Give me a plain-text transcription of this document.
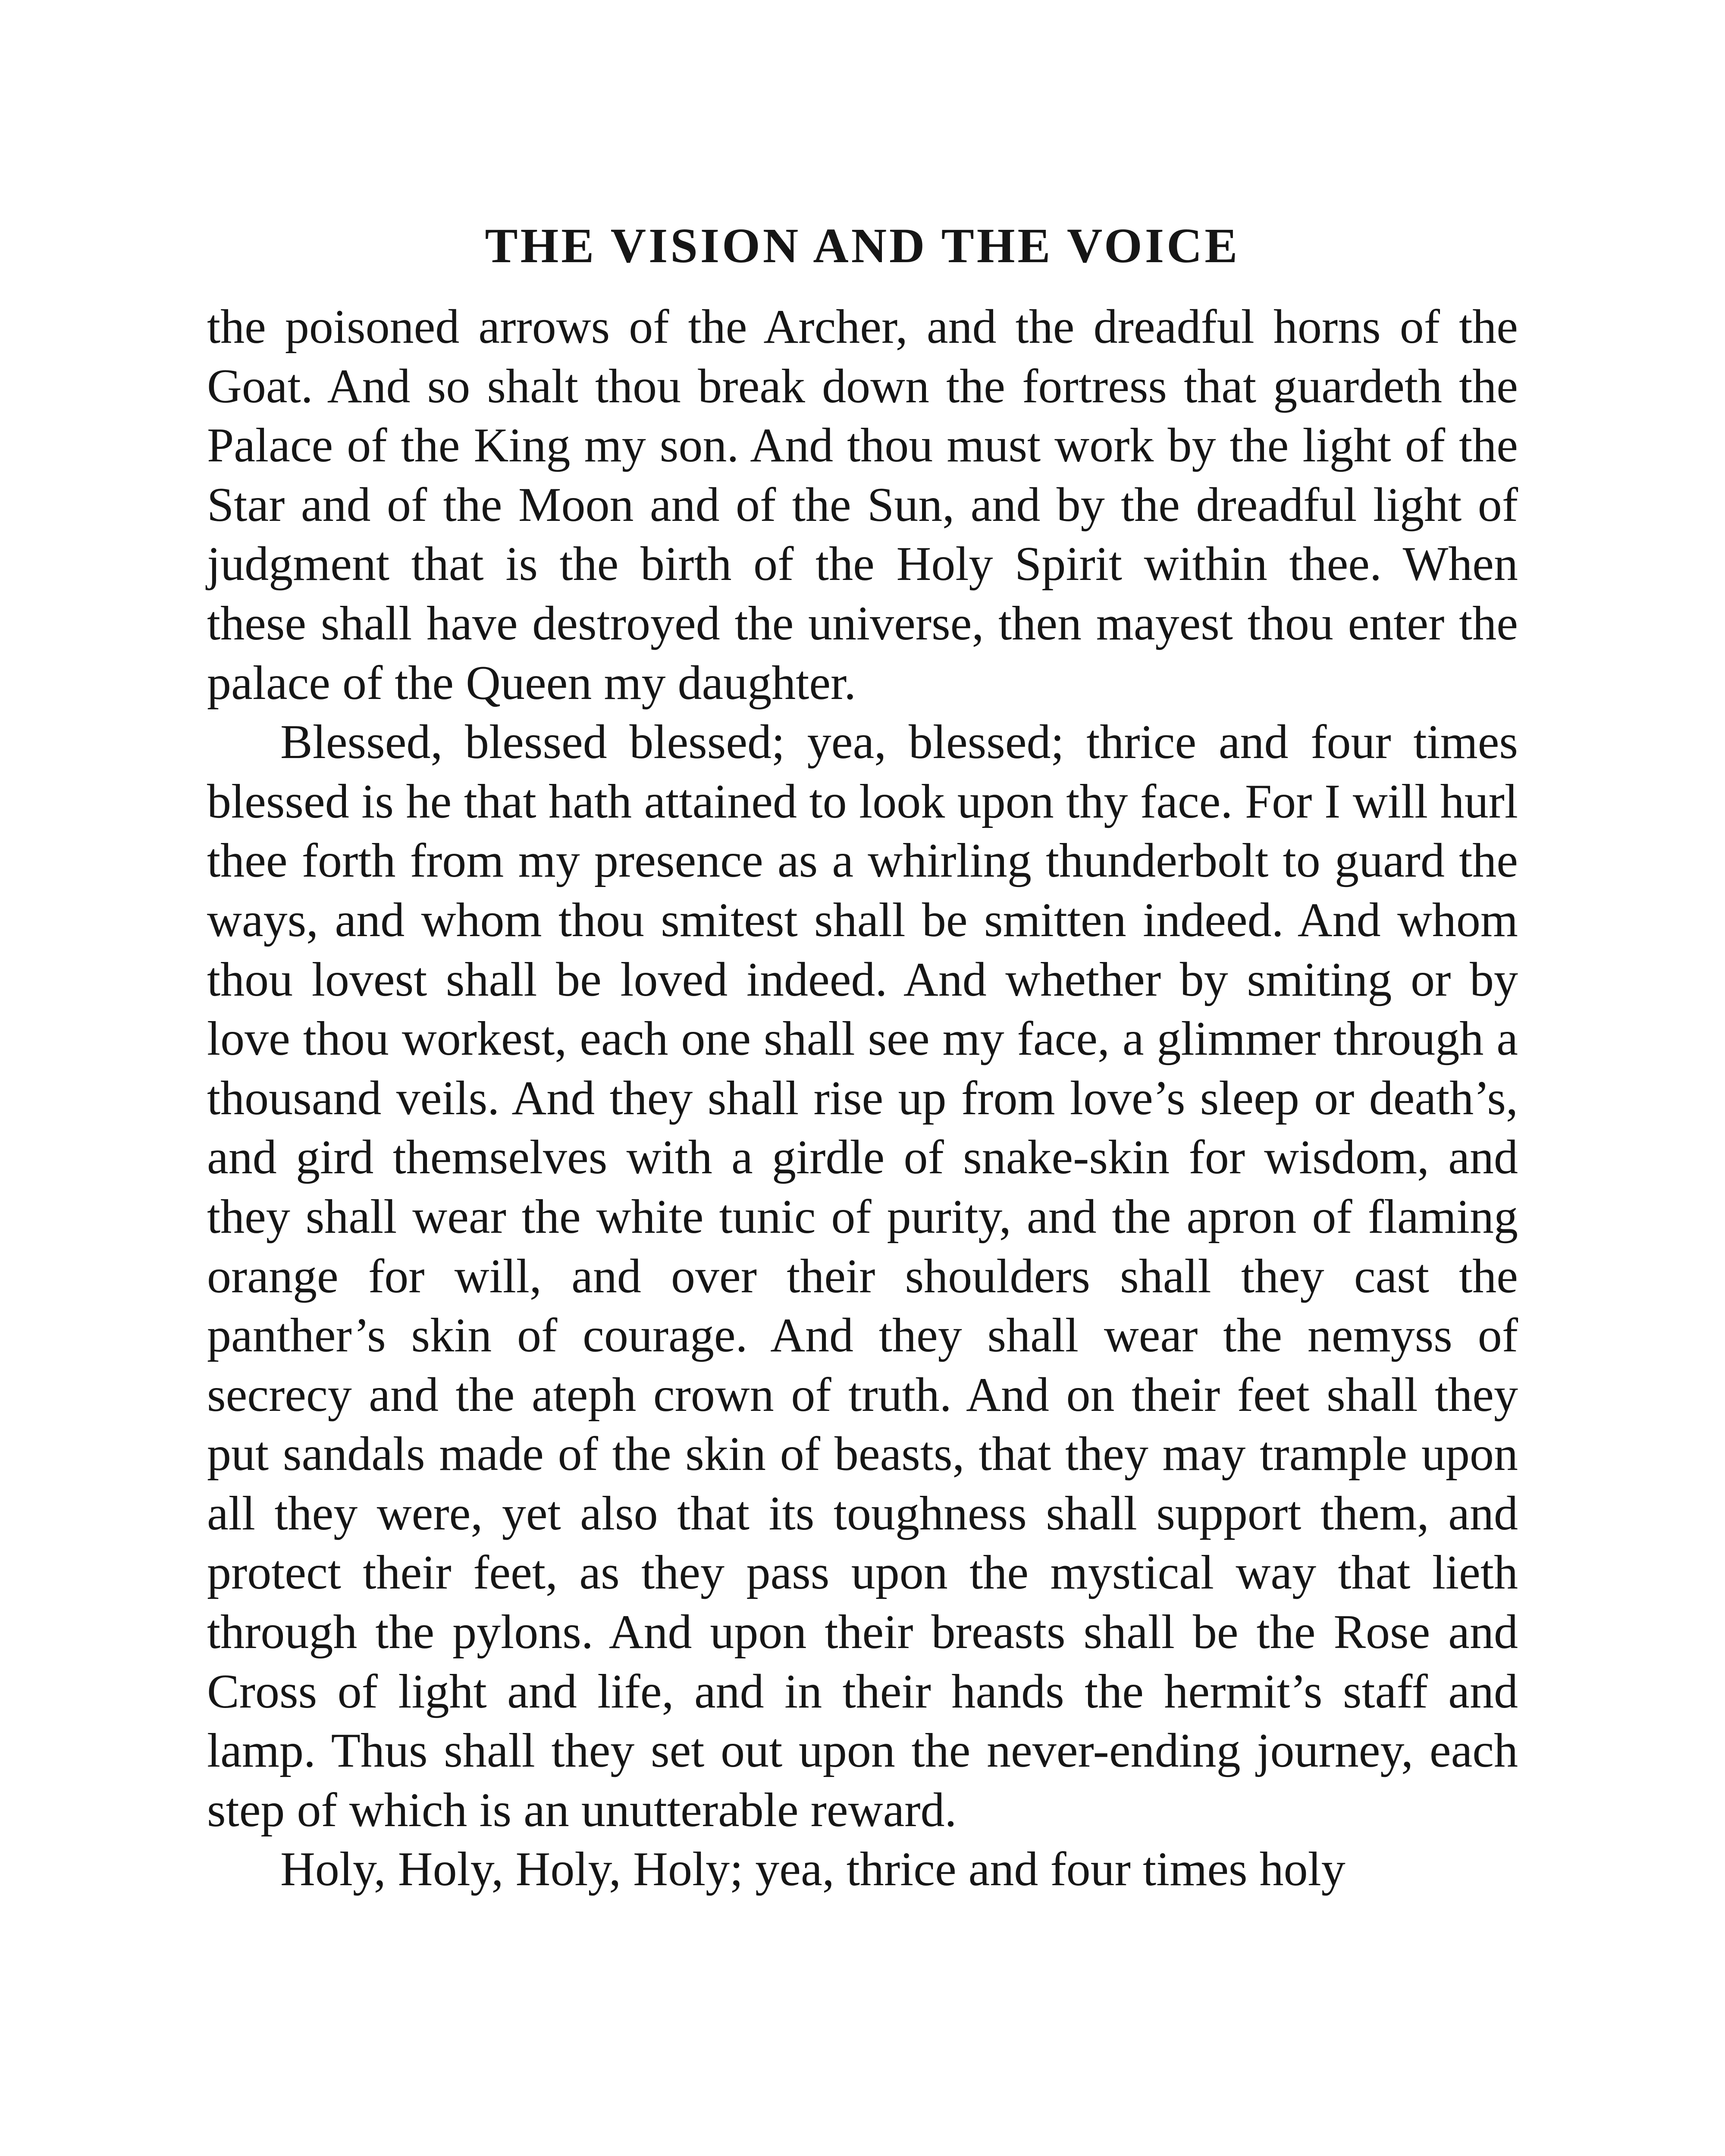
THE VISION AND THE VOICE

the poisoned arrows of the Archer, and the dreadful horns of the Goat. And so shalt thou break down the fortress that guardeth the Palace of the King my son. And thou must work by the light of the Star and of the Moon and of the Sun, and by the dreadful light of judgment that is the birth of the Holy Spirit within thee. When these shall have destroyed the universe, then mayest thou enter the palace of the Queen my daughter.

Blessed, blessed blessed; yea, blessed; thrice and four times blessed is he that hath attained to look upon thy face. For I will hurl thee forth from my presence as a whirling thunderbolt to guard the ways, and whom thou smitest shall be smitten indeed. And whom thou lovest shall be loved indeed. And whether by smiting or by love thou workest, each one shall see my face, a glimmer through a thousand veils. And they shall rise up from love’s sleep or death’s, and gird themselves with a girdle of snake-skin for wisdom, and they shall wear the white tunic of purity, and the apron of flaming orange for will, and over their shoulders shall they cast the panther’s skin of courage. And they shall wear the nemyss of secrecy and the ateph crown of truth. And on their feet shall they put sandals made of the skin of beasts, that they may trample upon all they were, yet also that its toughness shall support them, and protect their feet, as they pass upon the mystical way that lieth through the pylons. And upon their breasts shall be the Rose and Cross of light and life, and in their hands the hermit’s staff and lamp. Thus shall they set out upon the never-ending journey, each step of which is an unutterable reward.

Holy, Holy, Holy, Holy; yea, thrice and four times holy
